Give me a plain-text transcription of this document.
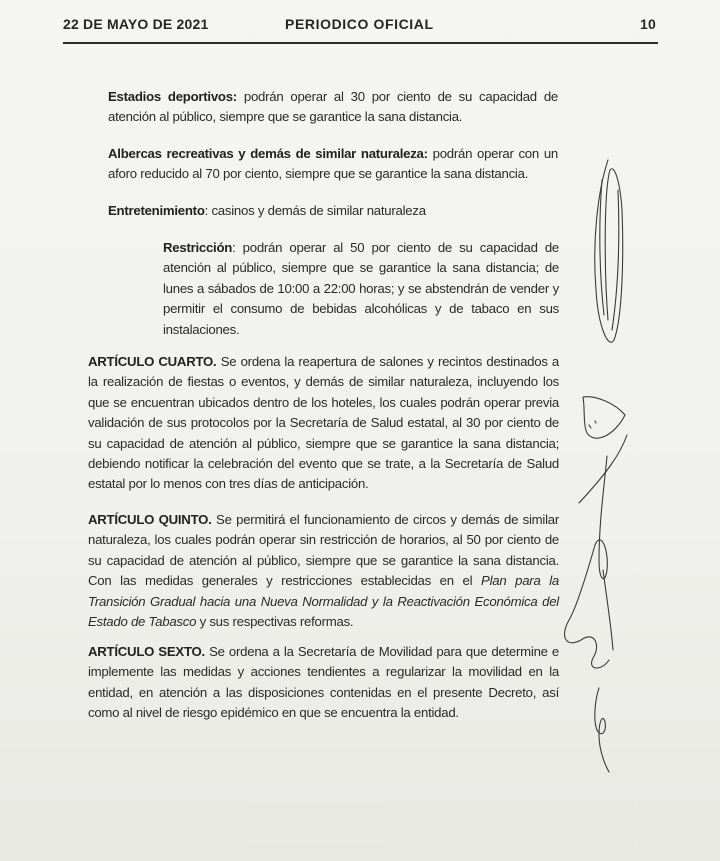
22 DE MAYO DE 2021	PERIODICO OFICIAL	10

Estadios deportivos: podrán operar al 30 por ciento de su capacidad de atención al público, siempre que se garantice la sana distancia.

Albercas recreativas y demás de similar naturaleza: podrán operar con un aforo reducido al 70 por ciento, siempre que se garantice la sana distancia.

Entretenimiento: casinos y demás de similar naturaleza

Restricción: podrán operar al 50 por ciento de su capacidad de atención al público, siempre que se garantice la sana distancia; de lunes a sábados de 10:00 a 22:00 horas; y se abstendrán de vender y permitir el consumo de bebidas alcohólicas y de tabaco en sus instalaciones.

ARTÍCULO CUARTO. Se ordena la reapertura de salones y recintos destinados a la realización de fiestas o eventos, y demás de similar naturaleza, incluyendo los que se encuentran ubicados dentro de los hoteles, los cuales podrán operar previa validación de sus protocolos por la Secretaría de Salud estatal, al 30 por ciento de su capacidad de atención al público, siempre que se garantice la sana distancia; debiendo notificar la celebración del evento que se trate, a la Secretaría de Salud estatal por lo menos con tres días de anticipación.

ARTÍCULO QUINTO. Se permitirá el funcionamiento de circos y demás de similar naturaleza, los cuales podrán operar sin restricción de horarios, al 50 por ciento de su capacidad de atención al público, siempre que se garantice la sana distancia. Con las medidas generales y restricciones establecidas en el Plan para la Transición Gradual hacia una Nueva Normalidad y la Reactivación Económica del Estado de Tabasco y sus respectivas reformas.

ARTÍCULO SEXTO. Se ordena a la Secretaría de Movilidad para que determine e implemente las medidas y acciones tendientes a regularizar la movilidad en la entidad, en atención a las disposiciones contenidas en el presente Decreto, así como al nivel de riesgo epidémico en que se encuentra la entidad.
